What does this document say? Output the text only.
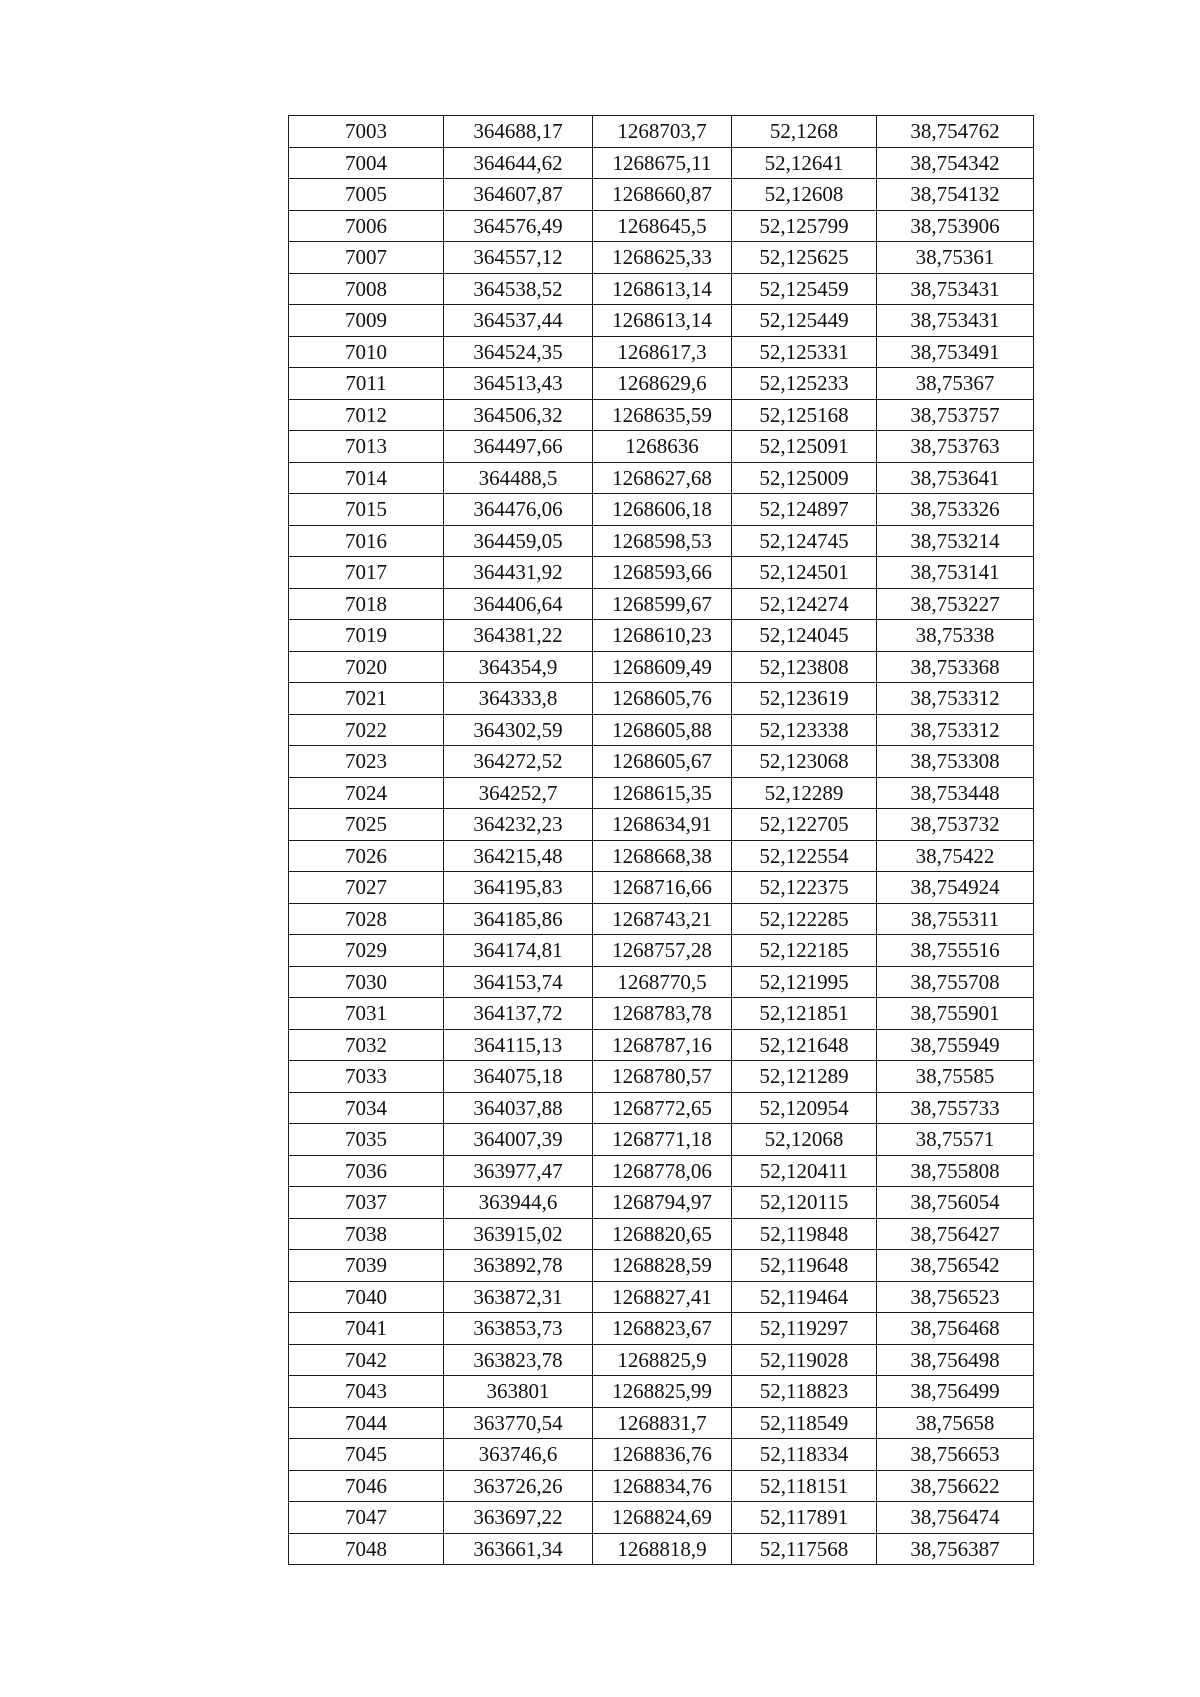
7003	364688,17	1268703,7	52,1268	38,754762
7004	364644,62	1268675,11	52,12641	38,754342
7005	364607,87	1268660,87	52,12608	38,754132
7006	364576,49	1268645,5	52,125799	38,753906
7007	364557,12	1268625,33	52,125625	38,75361
7008	364538,52	1268613,14	52,125459	38,753431
7009	364537,44	1268613,14	52,125449	38,753431
7010	364524,35	1268617,3	52,125331	38,753491
7011	364513,43	1268629,6	52,125233	38,75367
7012	364506,32	1268635,59	52,125168	38,753757
7013	364497,66	1268636	52,125091	38,753763
7014	364488,5	1268627,68	52,125009	38,753641
7015	364476,06	1268606,18	52,124897	38,753326
7016	364459,05	1268598,53	52,124745	38,753214
7017	364431,92	1268593,66	52,124501	38,753141
7018	364406,64	1268599,67	52,124274	38,753227
7019	364381,22	1268610,23	52,124045	38,75338
7020	364354,9	1268609,49	52,123808	38,753368
7021	364333,8	1268605,76	52,123619	38,753312
7022	364302,59	1268605,88	52,123338	38,753312
7023	364272,52	1268605,67	52,123068	38,753308
7024	364252,7	1268615,35	52,12289	38,753448
7025	364232,23	1268634,91	52,122705	38,753732
7026	364215,48	1268668,38	52,122554	38,75422
7027	364195,83	1268716,66	52,122375	38,754924
7028	364185,86	1268743,21	52,122285	38,755311
7029	364174,81	1268757,28	52,122185	38,755516
7030	364153,74	1268770,5	52,121995	38,755708
7031	364137,72	1268783,78	52,121851	38,755901
7032	364115,13	1268787,16	52,121648	38,755949
7033	364075,18	1268780,57	52,121289	38,75585
7034	364037,88	1268772,65	52,120954	38,755733
7035	364007,39	1268771,18	52,12068	38,75571
7036	363977,47	1268778,06	52,120411	38,755808
7037	363944,6	1268794,97	52,120115	38,756054
7038	363915,02	1268820,65	52,119848	38,756427
7039	363892,78	1268828,59	52,119648	38,756542
7040	363872,31	1268827,41	52,119464	38,756523
7041	363853,73	1268823,67	52,119297	38,756468
7042	363823,78	1268825,9	52,119028	38,756498
7043	363801	1268825,99	52,118823	38,756499
7044	363770,54	1268831,7	52,118549	38,75658
7045	363746,6	1268836,76	52,118334	38,756653
7046	363726,26	1268834,76	52,118151	38,756622
7047	363697,22	1268824,69	52,117891	38,756474
7048	363661,34	1268818,9	52,117568	38,756387
